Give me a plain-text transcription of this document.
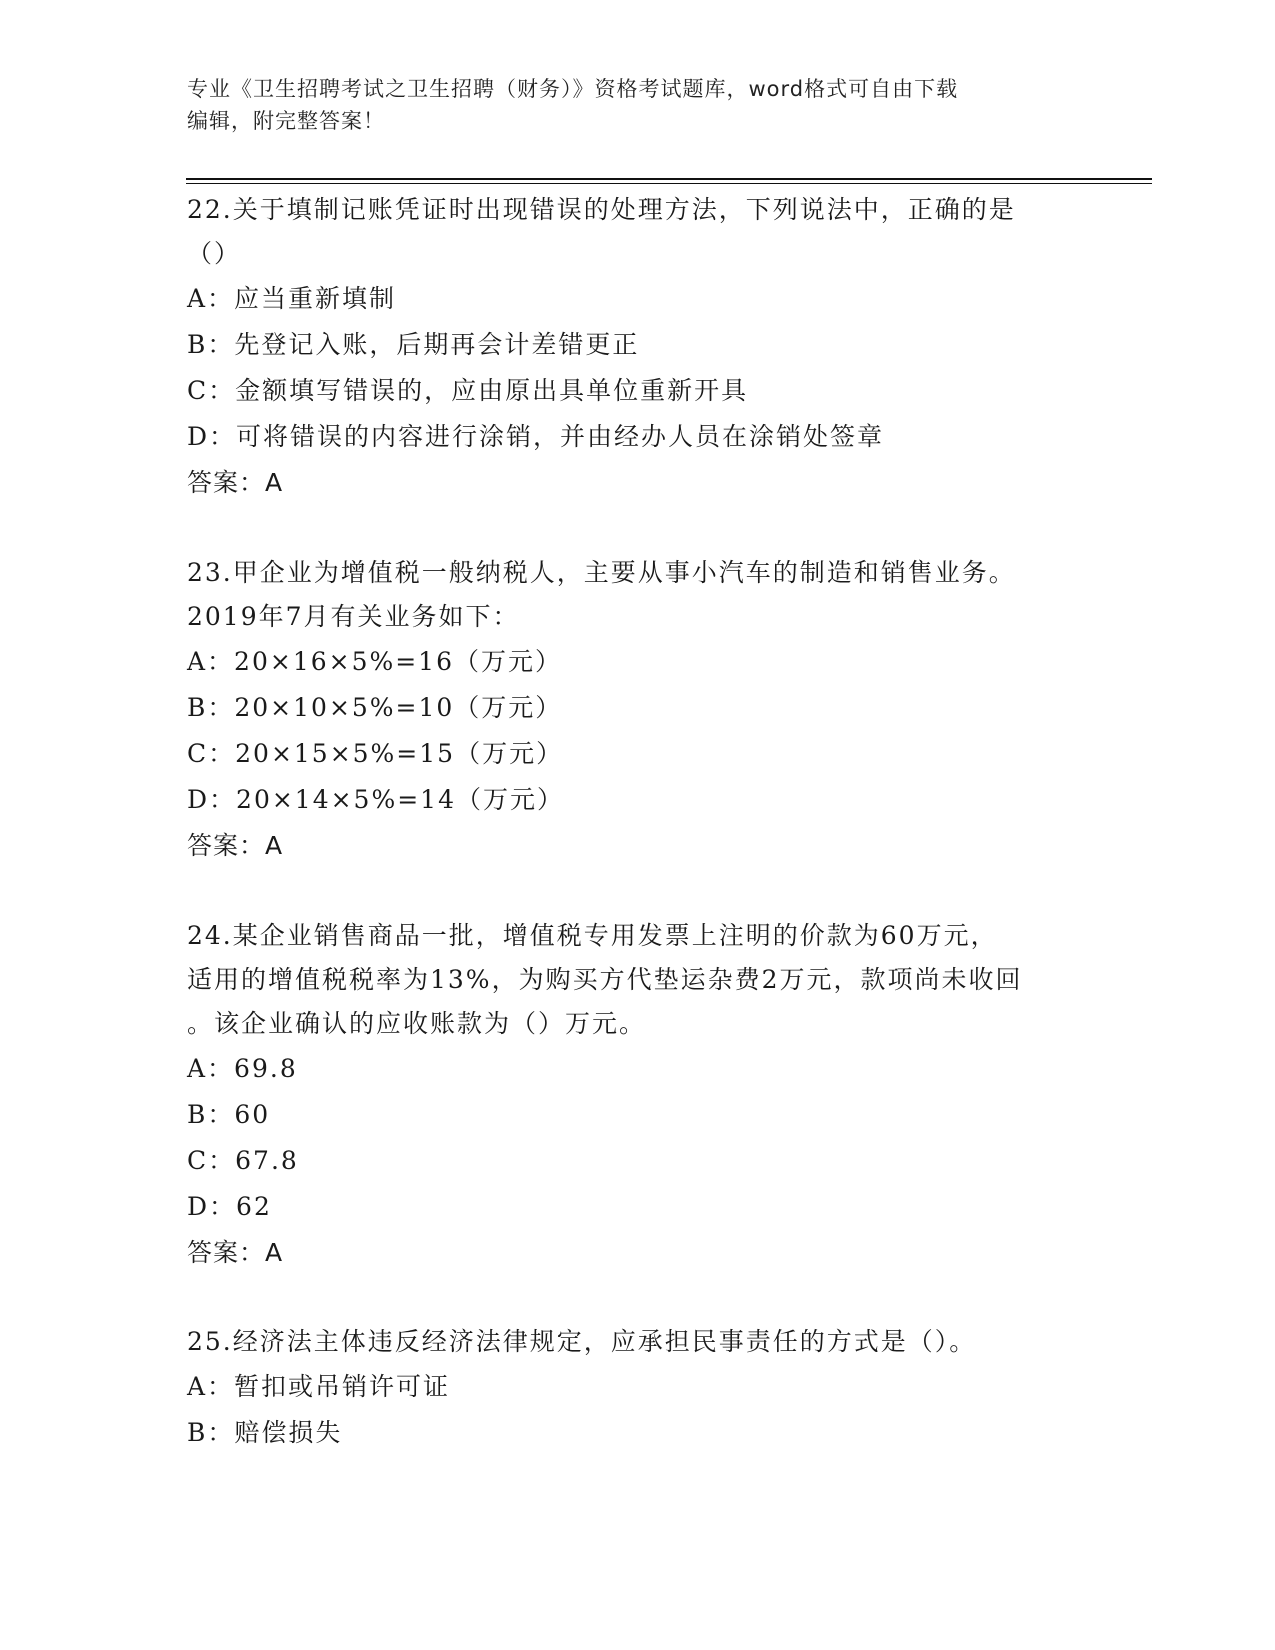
专业《卫生招聘考试之卫生招聘（财务）》资格考试题库，word格式可自由下载
编辑，附完整答案！

22.关于填制记账凭证时出现错误的处理方法，下列说法中，正确的是

（）

A：应当重新填制

B：先登记入账，后期再会计差错更正

C：金额填写错误的，应由原出具单位重新开具

D：可将错误的内容进行涂销，并由经办人员在涂销处签章

答案：A

23.甲企业为增值税一般纳税人，主要从事小汽车的制造和销售业务。

2019年7月有关业务如下：

A：20×16×5%=16（万元）

B：20×10×5%=10（万元）

C：20×15×5%=15（万元）

D：20×14×5%=14（万元）

答案：A

24.某企业销售商品一批，增值税专用发票上注明的价款为60万元，

适用的增值税税率为13%，为购买方代垫运杂费2万元，款项尚未收回

。该企业确认的应收账款为（）万元。

A：69.8

B：60

C：67.8

D：62

答案：A

25.经济法主体违反经济法律规定，应承担民事责任的方式是（）。

A：暂扣或吊销许可证

B：赔偿损失
